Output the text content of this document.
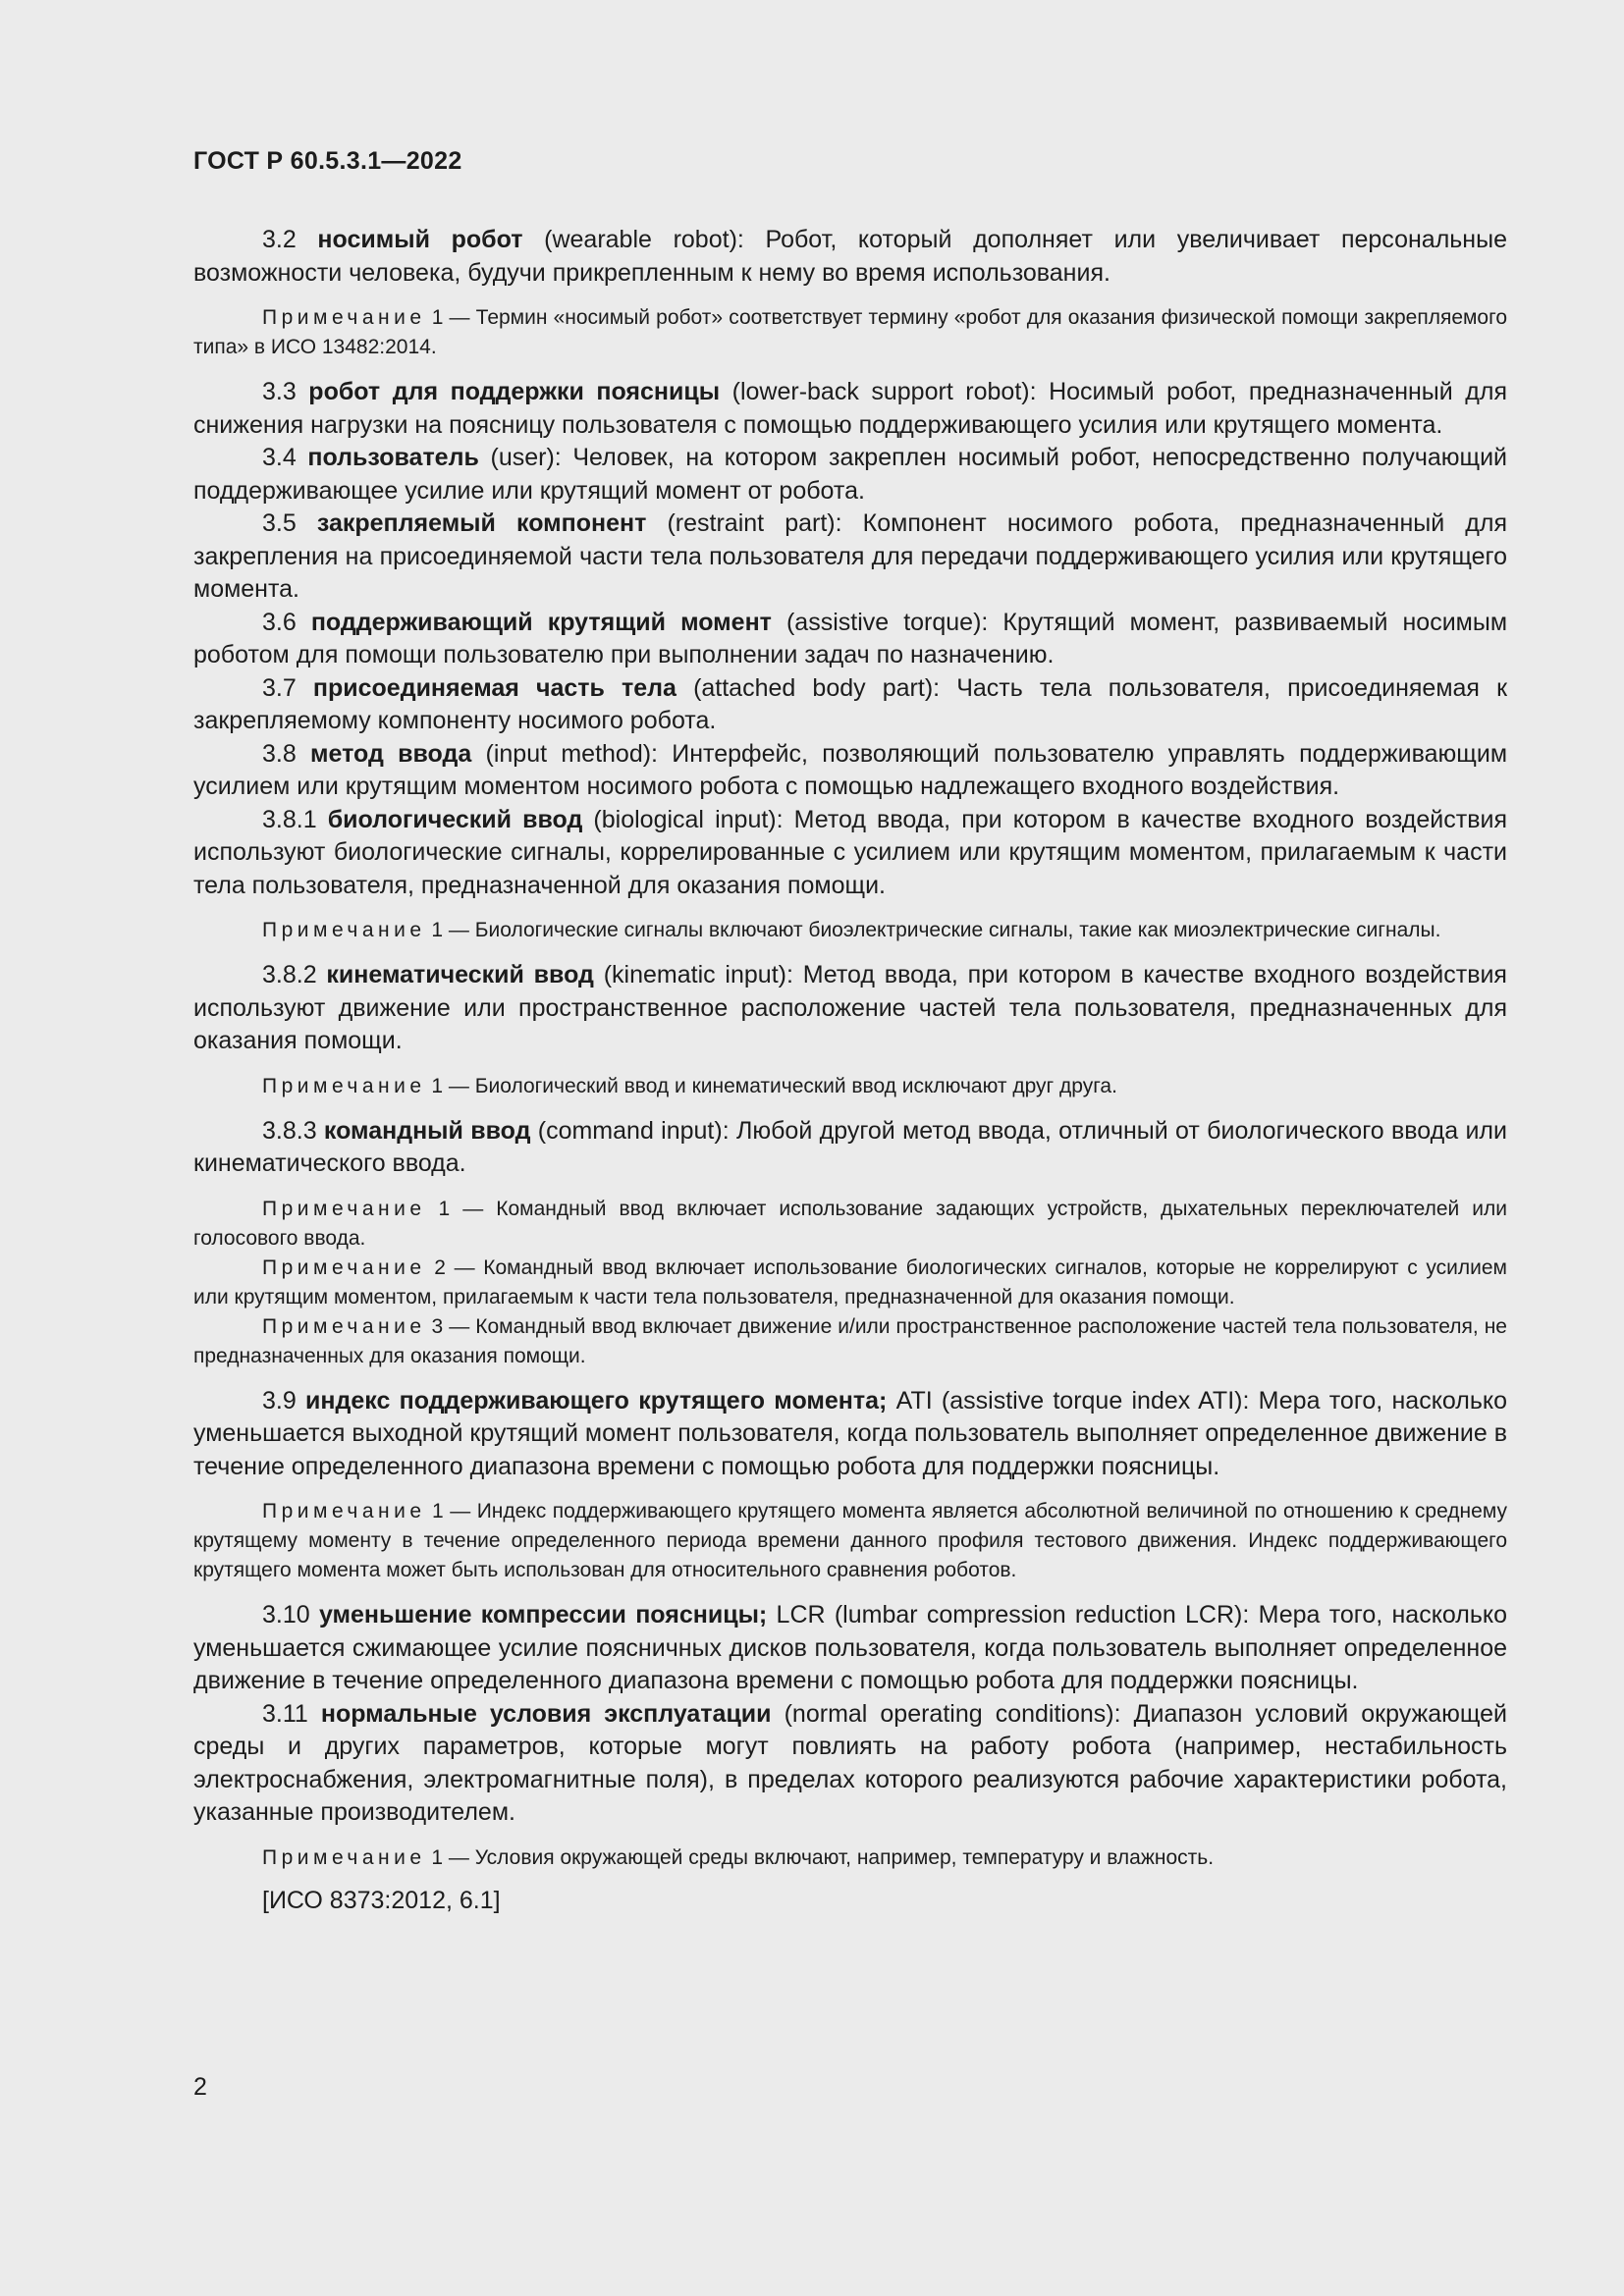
ГОСТ Р 60.5.3.1—2022

3.2 носимый робот (wearable robot): Робот, который дополняет или увеличивает персональные возможности человека, будучи прикрепленным к нему во время использования.

Примечание 1 — Термин «носимый робот» соответствует термину «робот для оказания физической помощи закрепляемого типа» в ИСО 13482:2014.

3.3 робот для поддержки поясницы (lower-back support robot): Носимый робот, предназначенный для снижения нагрузки на поясницу пользователя с помощью поддерживающего усилия или крутящего момента.

3.4 пользователь (user): Человек, на котором закреплен носимый робот, непосредственно получающий поддерживающее усилие или крутящий момент от робота.

3.5 закрепляемый компонент (restraint part): Компонент носимого робота, предназначенный для закрепления на присоединяемой части тела пользователя для передачи поддерживающего усилия или крутящего момента.

3.6 поддерживающий крутящий момент (assistive torque): Крутящий момент, развиваемый носимым роботом для помощи пользователю при выполнении задач по назначению.

3.7 присоединяемая часть тела (attached body part): Часть тела пользователя, присоединяемая к закрепляемому компоненту носимого робота.

3.8 метод ввода (input method): Интерфейс, позволяющий пользователю управлять поддерживающим усилием или крутящим моментом носимого робота с помощью надлежащего входного воздействия.

3.8.1 биологический ввод (biological input): Метод ввода, при котором в качестве входного воздействия используют биологические сигналы, коррелированные с усилием или крутящим моментом, прилагаемым к части тела пользователя, предназначенной для оказания помощи.

Примечание 1 — Биологические сигналы включают биоэлектрические сигналы, такие как миоэлектрические сигналы.

3.8.2 кинематический ввод (kinematic input): Метод ввода, при котором в качестве входного воздействия используют движение или пространственное расположение частей тела пользователя, предназначенных для оказания помощи.

Примечание 1 — Биологический ввод и кинематический ввод исключают друг друга.

3.8.3 командный ввод (command input): Любой другой метод ввода, отличный от биологического ввода или кинематического ввода.

Примечание 1 — Командный ввод включает использование задающих устройств, дыхательных переключателей или голосового ввода.

Примечание 2 — Командный ввод включает использование биологических сигналов, которые не коррелируют с усилием или крутящим моментом, прилагаемым к части тела пользователя, предназначенной для оказания помощи.

Примечание 3 — Командный ввод включает движение и/или пространственное расположение частей тела пользователя, не предназначенных для оказания помощи.

3.9 индекс поддерживающего крутящего момента; ATI (assistive torque index ATI): Мера того, насколько уменьшается выходной крутящий момент пользователя, когда пользователь выполняет определенное движение в течение определенного диапазона времени с помощью робота для поддержки поясницы.

Примечание 1 — Индекс поддерживающего крутящего момента является абсолютной величиной по отношению к среднему крутящему моменту в течение определенного периода времени данного профиля тестового движения. Индекс поддерживающего крутящего момента может быть использован для относительного сравнения роботов.

3.10 уменьшение компрессии поясницы; LCR (lumbar compression reduction LCR): Мера того, насколько уменьшается сжимающее усилие поясничных дисков пользователя, когда пользователь выполняет определенное движение в течение определенного диапазона времени с помощью робота для поддержки поясницы.

3.11 нормальные условия эксплуатации (normal operating conditions): Диапазон условий окружающей среды и других параметров, которые могут повлиять на работу робота (например, нестабильность электроснабжения, электромагнитные поля), в пределах которого реализуются рабочие характеристики робота, указанные производителем.

Примечание 1 — Условия окружающей среды включают, например, температуру и влажность.

[ИСО 8373:2012, 6.1]

2
